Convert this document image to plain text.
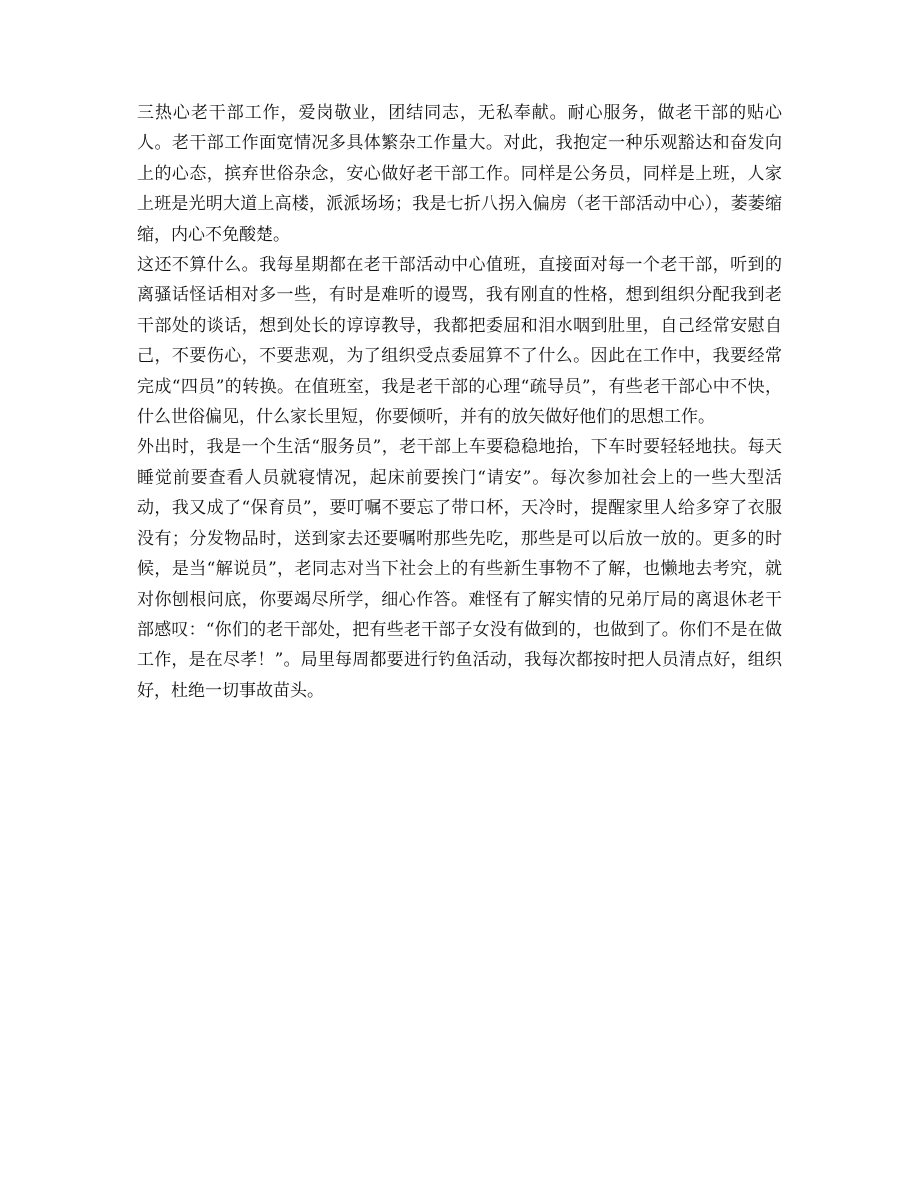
三热心老干部工作，爱岗敬业，团结同志，无私奉献。耐心服务，做老干部的贴心人。老干部工作面宽情况多具体繁杂工作量大。对此，我抱定一种乐观豁达和奋发向上的心态，摈弃世俗杂念，安心做好老干部工作。同样是公务员，同样是上班，人家上班是光明大道上高楼，派派场场；我是七折八拐入偏房（老干部活动中心），萎萎缩缩，内心不免酸楚。

这还不算什么。我每星期都在老干部活动中心值班，直接面对每一个老干部，听到的离骚话怪话相对多一些，有时是难听的谩骂，我有刚直的性格，想到组织分配我到老干部处的谈话，想到处长的谆谆教导，我都把委屈和泪水咽到肚里，自己经常安慰自己，不要伤心，不要悲观，为了组织受点委屈算不了什么。因此在工作中，我要经常完成“四员”的转换。在值班室，我是老干部的心理“疏导员”，有些老干部心中不快，什么世俗偏见，什么家长里短，你要倾听，并有的放矢做好他们的思想工作。

外出时，我是一个生活“服务员”，老干部上车要稳稳地抬，下车时要轻轻地扶。每天睡觉前要查看人员就寝情况，起床前要挨门“请安”。每次参加社会上的一些大型活动，我又成了“保育员”，要叮嘱不要忘了带口杯，天冷时，提醒家里人给多穿了衣服没有；分发物品时，送到家去还要嘱咐那些先吃，那些是可以后放一放的。更多的时候，是当“解说员”，老同志对当下社会上的有些新生事物不了解，也懒地去考究，就对你刨根问底，你要竭尽所学，细心作答。难怪有了解实情的兄弟厅局的离退休老干部感叹：“你们的老干部处，把有些老干部子女没有做到的，也做到了。你们不是在做工作，是在尽孝！”。局里每周都要进行钓鱼活动，我每次都按时把人员清点好，组织好，杜绝一切事故苗头。
